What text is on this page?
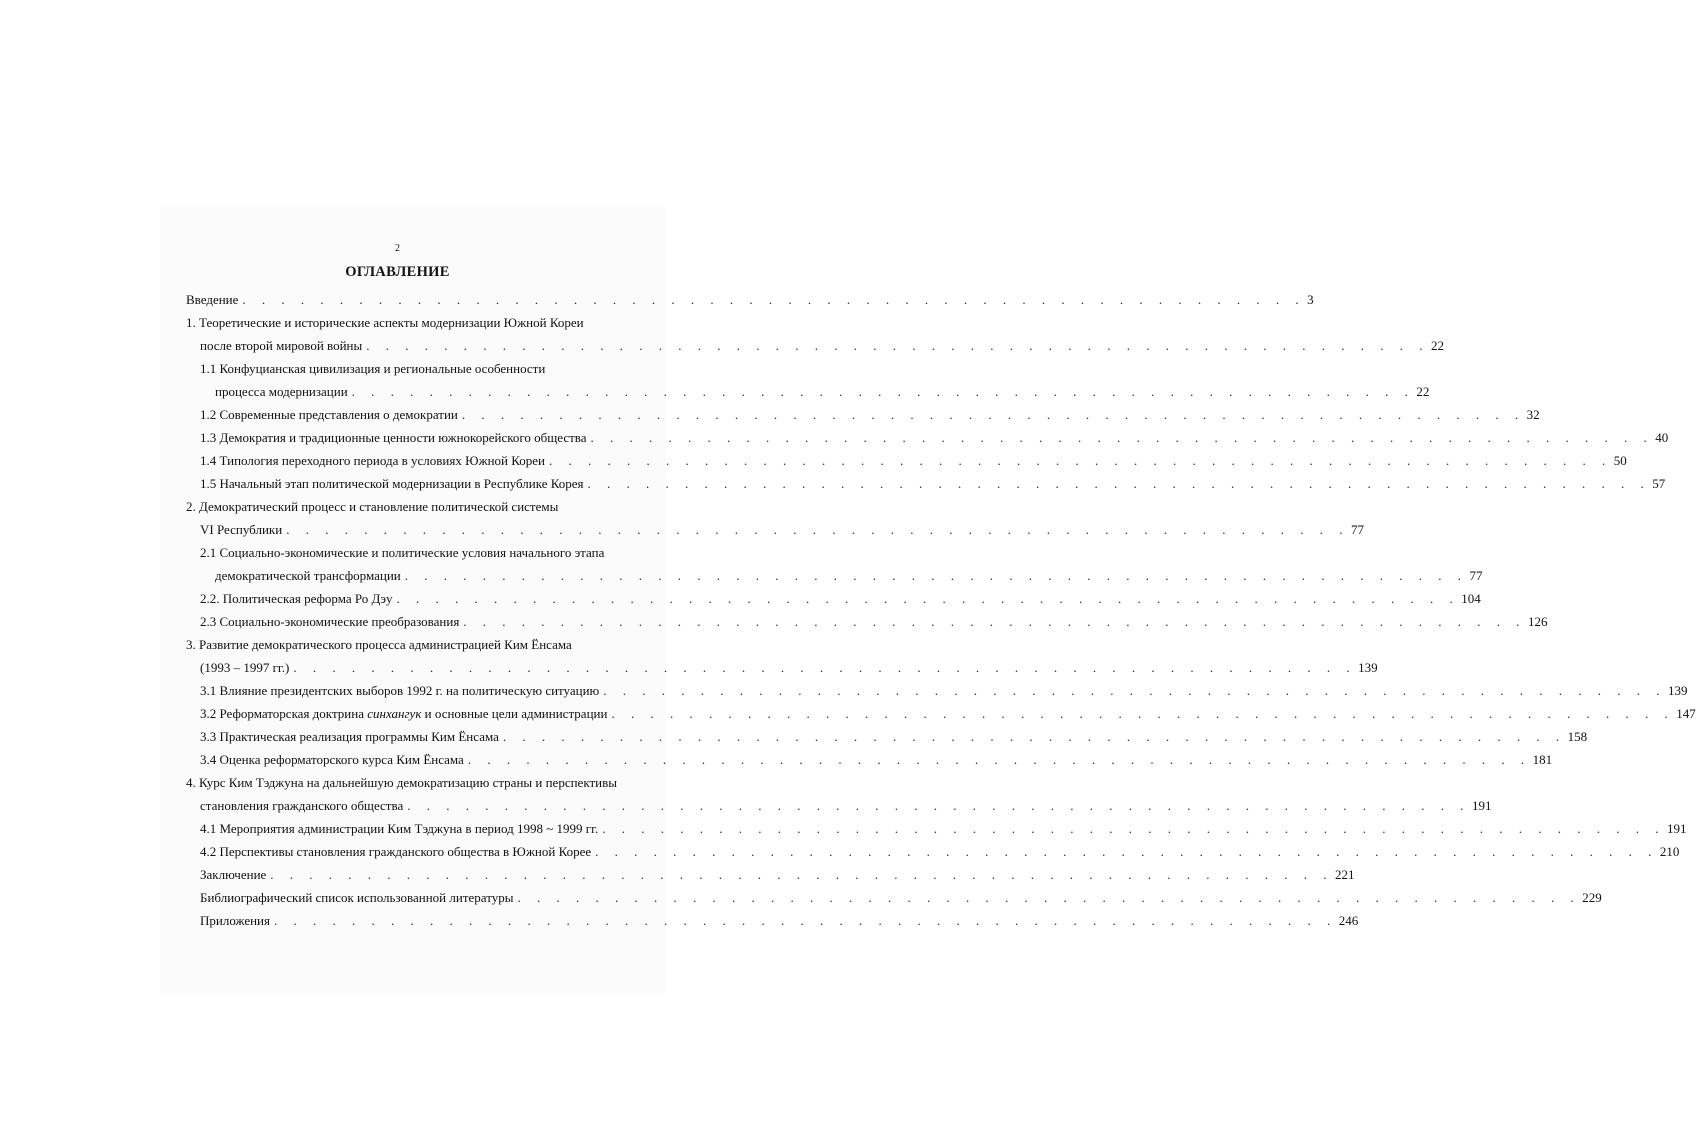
2
ОГЛАВЛЕНИЕ
Введение . . . . . . . . . . . . . . . . . . . . . . . . . . . . . . . . . . . . . . . . . . . . . . . . . . . . . . . 3
1. Теоретические и исторические аспекты модернизации Южной Кореи
после второй мировой войны . . . . . . . . . . . . . . . . . . . . . . . . . . . . . . . . . . . . . . . . . . . . . . . . . . . . . . . 22
1.1 Конфуцианская цивилизация и региональные особенности
процесса модернизации . . . . . . . . . . . . . . . . . . . . . . . . . . . . . . . . . . . . . . . . . . . . . . . . . . . . . . . 22
1.2 Современные представления о демократии . . . . . . . . . . . . . . . . . . . . . . . . . . . . . . . . . . . . . . . . . . . . . . . . . . . . . . . 32
1.3 Демократия и традиционные ценности южнокорейского общества . . . . . . . . . . . . . . . . . . . . . . . . . . . . . . . . . . . . . . . . . . . . . . . . . . . . . . . 40
1.4 Типология переходного периода в условиях Южной Кореи . . . . . . . . . . . . . . . . . . . . . . . . . . . . . . . . . . . . . . . . . . . . . . . . . . . . . . . 50
1.5 Начальный этап политической модернизации в Республике Корея . . . . . . . . . . . . . . . . . . . . . . . . . . . . . . . . . . . . . . . . . . . . . . . . . . . . . . . 57
2. Демократический процесс и становление политической системы
VI Республики . . . . . . . . . . . . . . . . . . . . . . . . . . . . . . . . . . . . . . . . . . . . . . . . . . . . . . . 77
2.1 Социально-экономические и политические условия начального этапа
демократической трансформации . . . . . . . . . . . . . . . . . . . . . . . . . . . . . . . . . . . . . . . . . . . . . . . . . . . . . . . 77
2.2. Политическая реформа Ро Дэу . . . . . . . . . . . . . . . . . . . . . . . . . . . . . . . . . . . . . . . . . . . . . . . . . . . . . . . 104
2.3 Социально-экономические преобразования . . . . . . . . . . . . . . . . . . . . . . . . . . . . . . . . . . . . . . . . . . . . . . . . . . . . . . . 126
3. Развитие демократического процесса администрацией Ким Ёнсама
(1993 – 1997 гг.) . . . . . . . . . . . . . . . . . . . . . . . . . . . . . . . . . . . . . . . . . . . . . . . . . . . . . . . 139
3.1 Влияние президентских выборов 1992 г. на политическую ситуацию . . . . . . . . . . . . . . . . . . . . . . . . . . . . . . . . . . . . . . . . . . . . . . . . . . . . . . . 139
3.2 Реформаторская доктрина синхангук и основные цели администрации . . . . . . . . . . . . . . . . . . . . . . . . . . . . . . . . . . . . . . . . . . . . . . . . . . . . . . . 147
3.3 Практическая реализация программы Ким Ёнсама . . . . . . . . . . . . . . . . . . . . . . . . . . . . . . . . . . . . . . . . . . . . . . . . . . . . . . . 158
3.4 Оценка реформаторского курса Ким Ёнсама . . . . . . . . . . . . . . . . . . . . . . . . . . . . . . . . . . . . . . . . . . . . . . . . . . . . . . . 181
4. Курс Ким Тэджуна на дальнейшую демократизацию страны и перспективы
становления гражданского общества . . . . . . . . . . . . . . . . . . . . . . . . . . . . . . . . . . . . . . . . . . . . . . . . . . . . . . . 191
4.1 Мероприятия администрации Ким Тэджуна в период 1998 ~ 1999 гг. . . . . . . . . . . . . . . . . . . . . . . . . . . . . . . . . . . . . . . . . . . . . . . . . . . . . . . . 191
4.2 Перспективы становления гражданского общества в Южной Корее . . . . . . . . . . . . . . . . . . . . . . . . . . . . . . . . . . . . . . . . . . . . . . . . . . . . . . . 210
Заключение . . . . . . . . . . . . . . . . . . . . . . . . . . . . . . . . . . . . . . . . . . . . . . . . . . . . . . . 221
Библиографический список использованной литературы . . . . . . . . . . . . . . . . . . . . . . . . . . . . . . . . . . . . . . . . . . . . . . . . . . . . . . . 229
Приложения . . . . . . . . . . . . . . . . . . . . . . . . . . . . . . . . . . . . . . . . . . . . . . . . . . . . . . . 246
